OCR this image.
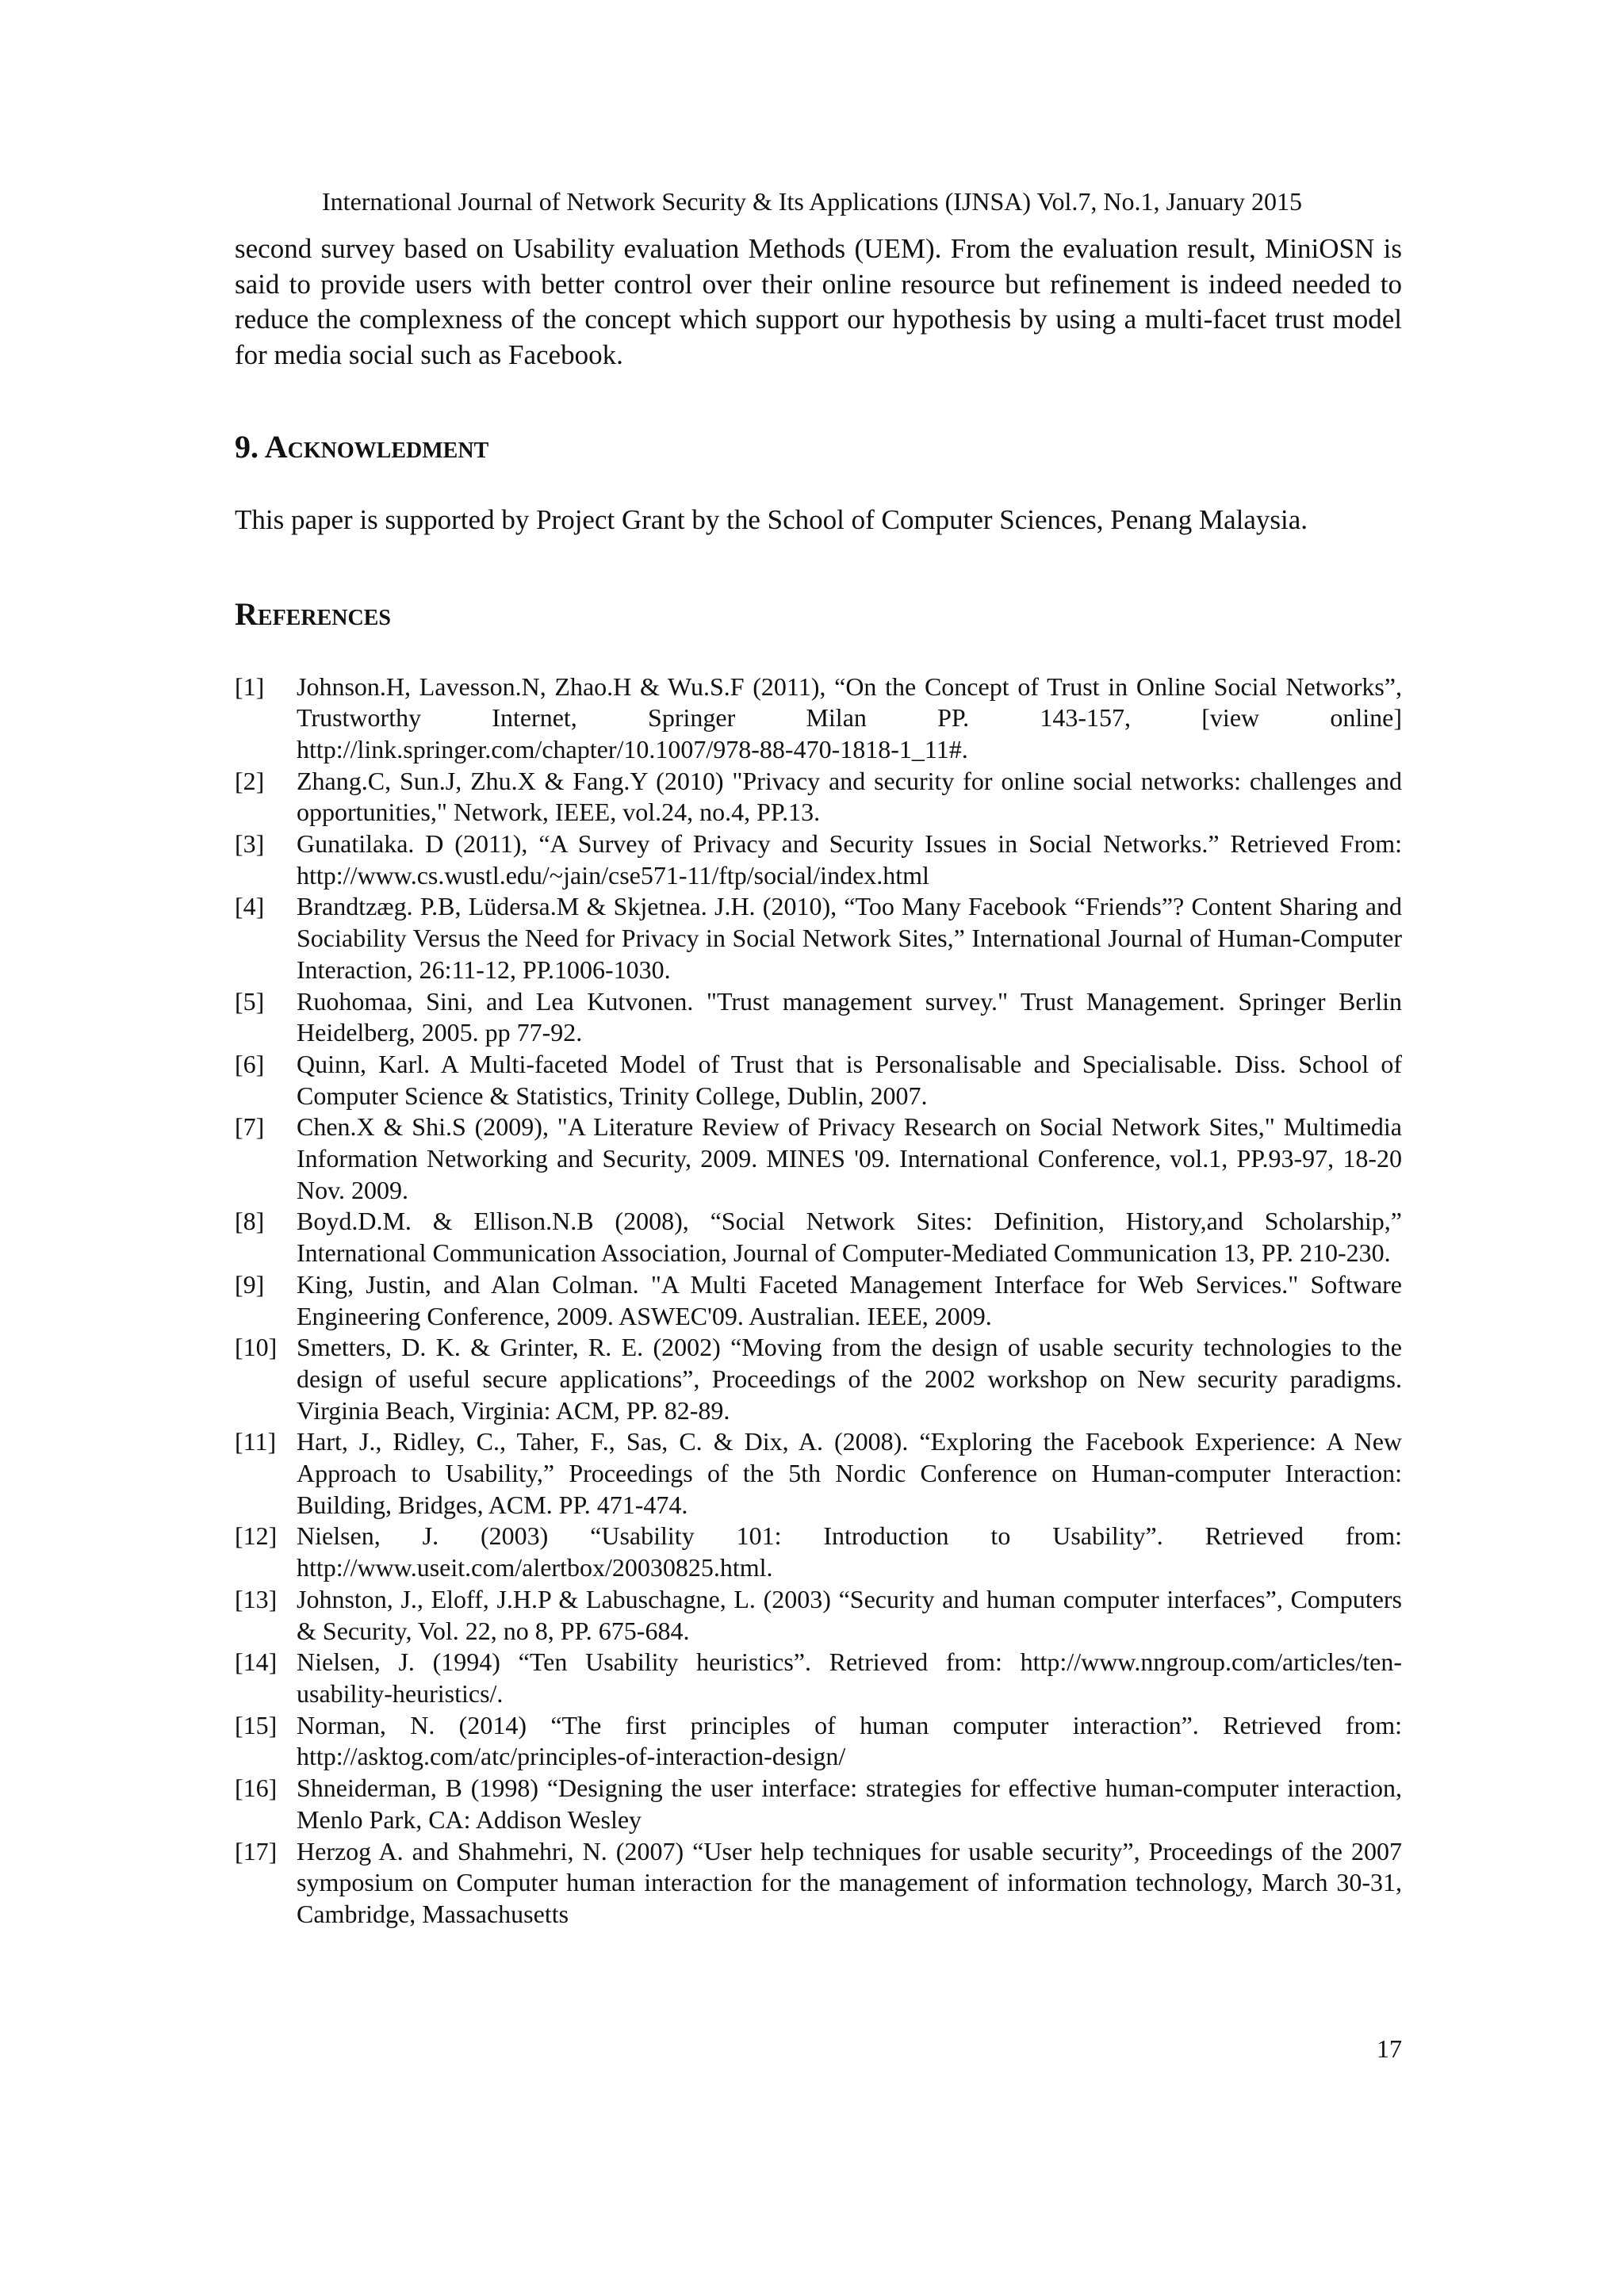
International Journal of Network Security & Its Applications (IJNSA) Vol.7, No.1, January 2015

second survey based on Usability evaluation Methods (UEM). From the evaluation result, MiniOSN is said to provide users with better control over their online resource but refinement is indeed needed to reduce the complexness of the concept which support our hypothesis by using a multi-facet trust model for media social such as Facebook.

9. Acknowledment

This paper is supported by Project Grant by the School of Computer Sciences, Penang Malaysia.

References
[1]	Johnson.H, Lavesson.N, Zhao.H & Wu.S.F (2011), “On the Concept of Trust in Online Social Networks”, Trustworthy Internet, Springer Milan PP. 143-157, [view online] http://link.springer.com/chapter/10.1007/978-88-470-1818-1_11#.
[2]	Zhang.C, Sun.J, Zhu.X & Fang.Y (2010) "Privacy and security for online social networks: challenges and opportunities," Network, IEEE, vol.24, no.4, PP.13.
[3]	Gunatilaka. D (2011), “A Survey of Privacy and Security Issues in Social Networks.” Retrieved From: http://www.cs.wustl.edu/~jain/cse571-11/ftp/social/index.html
[4]	Brandtzæg. P.B, Lüdersa.M & Skjetnea. J.H. (2010), “Too Many Facebook “Friends”? Content Sharing and Sociability Versus the Need for Privacy in Social Network Sites,” International Journal of Human-Computer Interaction, 26:11-12, PP.1006-1030.
[5]	Ruohomaa, Sini, and Lea Kutvonen. "Trust management survey." Trust Management. Springer Berlin Heidelberg, 2005. pp 77-92.
[6]	Quinn, Karl. A Multi-faceted Model of Trust that is Personalisable and Specialisable. Diss. School of Computer Science & Statistics, Trinity College, Dublin, 2007.
[7]	Chen.X & Shi.S (2009), "A Literature Review of Privacy Research on Social Network Sites," Multimedia Information Networking and Security, 2009. MINES '09. International Conference, vol.1, PP.93-97, 18-20 Nov. 2009.
[8]	Boyd.D.M. & Ellison.N.B (2008), “Social Network Sites: Definition, History,and Scholarship,” International Communication Association, Journal of Computer-Mediated Communication 13, PP. 210-230.
[9]	King, Justin, and Alan Colman. "A Multi Faceted Management Interface for Web Services." Software Engineering Conference, 2009. ASWEC'09. Australian. IEEE, 2009.
[10] Smetters, D. K. & Grinter, R. E. (2002) “Moving from the design of usable security technologies to the design of useful secure applications”, Proceedings of the 2002 workshop on New security paradigms. Virginia Beach, Virginia: ACM, PP. 82-89.
[11] Hart, J., Ridley, C., Taher, F., Sas, C. & Dix, A. (2008). “Exploring the Facebook Experience: A New Approach to Usability,” Proceedings of the 5th Nordic Conference on Human-computer Interaction: Building, Bridges, ACM. PP. 471-474.
[12] Nielsen, J. (2003) “Usability 101: Introduction to Usability”. Retrieved from: http://www.useit.com/alertbox/20030825.html.
[13] Johnston, J., Eloff, J.H.P & Labuschagne, L. (2003) “Security and human computer interfaces”, Computers & Security, Vol. 22, no 8, PP. 675-684.
[14] Nielsen, J. (1994) “Ten Usability heuristics”. Retrieved from: http://www.nngroup.com/articles/ten-usability-heuristics/.
[15] Norman, N. (2014) “The first principles of human computer interaction”. Retrieved from: http://asktog.com/atc/principles-of-interaction-design/
[16] Shneiderman, B (1998) “Designing the user interface: strategies for effective human-computer interaction, Menlo Park, CA: Addison Wesley
[17] Herzog A. and Shahmehri, N. (2007) “User help techniques for usable security”, Proceedings of the 2007 symposium on Computer human interaction for the management of information technology, March 30-31, Cambridge, Massachusetts

17
